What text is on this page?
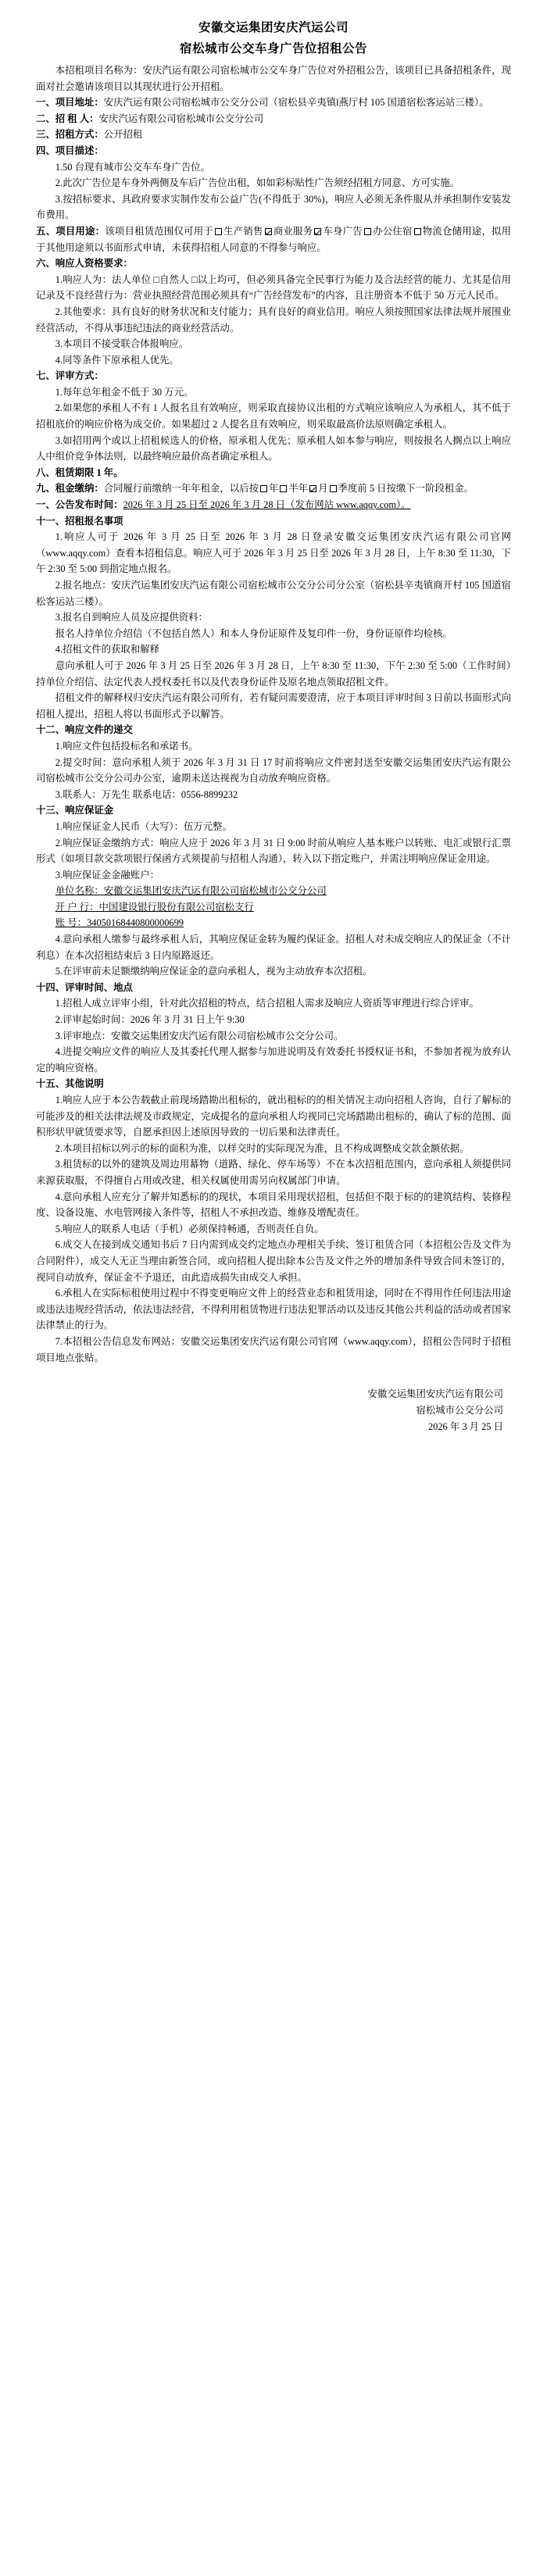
安徽交运集团安庆汽运公司
宿松城市公交车身广告位招租公告

本招租项目名称为：安庆汽运有限公司宿松城市公交车身广告位对外招租公告，该项目已具备招租条件，现面对社会邀请该项目以其现状进行公开招租。

一、项目地址：安庆汽运有限公司宿松城市公交分公司（宿松县辛夷镇l燕厅村 105 国道宿松客运站三楼）。

二、招 租 人：安庆汽运有限公司宿松城市公交分公司

三、招租方式：公开招租

四、项目描述：

1.50 台现有城市公交车车身广告位。

2.此次广告位是车身外两侧及车后广告位出租，如如彩标贴性广告须经招租方同意、方可实施。

3.按招标要求、具政府要求实制作发布公益广告(不得低于 30%)，响应人必须无条件服从并承担制作安装发布费用。

五、项目用途：该项目租赁范围仅可用于 生产销售 商业服务 车身广告 办公住宿 物流仓储用途，拟用于其他用途须以书面形式申请，未获得招租人同意的不得参与响应。

六、响应人资格要求：

1.响应人为：法人单位 □自然人 □以上均可，但必须具备完全民事行为能力及合法经营的能力、尤其是信用记录及不良经营行为：营业执照经营范围必须具有“广告经营发布”的内容，且注册资本不低于 50 万元人民币。

2.其他要求：具有良好的财务状况和支付能力；具有良好的商业信用。响应人须按照国家法律法规并展围业经营活动，不得从事违纪违法的商业经营活动。

3.本项目不接受联合体报响应。

4.同等条件下原承租人优先。

七、评审方式：

1.每年总年租金不低于 30 万元。

2.如果您的承租人不有 1 人报名且有效响应，则采取直接协议出租的方式响应该响应人为承租人，其不低于招租底价的响应价格为成交价。如果超过 2 人提名且有效响应，则采取最高价法原则确定承租人。

3.如招用两个或以上招租候选人的价格，原承租人优先；原承租人如本参与响应，则按报名人搁点以上响应人中组价竞争体法则，以最终响应最价高者确定承租人。

八、租赁期限 1 年。

九、租金缴纳：合同履行前缴纳一年年租金，以后按 年 半年 月 季度前 5 日按缴下一阶段租金。

一、公告发布时间：2026 年 3 月 25 日至 2026 年 3 月 28 日（发布网站 www.aqqy.com）。

十一、招租报名事项

1.响应人可于 2026 年 3 月 25 日至 2026 年 3 月 28 日登录安徽交运集团安庆汽运有限公司官网（www.aqqy.com）查看本招租信息。响应人可于 2026 年 3 月 25 日至 2026 年 3 月 28 日，上午 8:30 至 11:30，下午 2:30 至 5:00 到指定地点报名。

2.报名地点：安庆汽运集团安庆汽运有限公司宿松城市公交分公司分公室（宿松县辛夷镇商开村 105 国道宿松客运站三楼）。

3.报名自到响应人员及应提供资料：

报名人持单位介绍信（不包括自然人）和本人身份证原件及复印件一份，身份证原件均检核。

4.招租文件的获取和解释

意向承租人可于 2026 年 3 月 25 日至 2026 年 3 月 28 日，上午 8:30 至 11:30，下午 2:30 至 5:00（工作时间）持单位介绍信、法定代表人授权委托书以及代表身份证件及原名地点领取招租文件。

招租文件的解释权归安庆汽运有限公司所有，若有疑问需要澄清，应于本项目评审时间 3 日前以书面形式向招租人提出，招租人将以书面形式予以解答。

十二、响应文件的递交

1.响应文件包括投标名和承诺书。

2.提交时间：意向承租人须于 2026 年 3 月 31 日 17 时前将响应文件密封送至安徽交运集团安庆汽运有限公司宿松城市公交分公司办公室，逾期未送达视视为自动放弃响应资格。

3.联系人：万先生 联系电话：0556-8899232

十三、响应保证金

1.响应保证金人民币（大写）：伍万元整。

2.响应保证金缴纳方式：响应人应于 2026 年 3 月 31 日 9:00 时前从响应人基本账户以转账、电汇或银行汇票形式（如项目款交款项银行保函方式须提前与招租人沟通），转入以下指定账户，并需注明响应保证金用途。

3.响应保证金金融账户：

单位名称：安徽交运集团安庆汽运有限公司宿松城市公交分公司

开 户 行：中国建设银行股份有限公司宿松支行

账 号：34050168440800000699

4.意向承租人缴参与最终承租人后，其响应保证金转为履约保证金。招租人对未成交响应人的保证金（不计利息）在本次招租结束后 3 日内原路返还。

5.在评审前未足额缴纳响应保证金的意向承租人，视为主动放弃本次招租。

十四、评审时间、地点

1.招租人成立评审小组，针对此次招租的特点，结合招租人需求及响应人资质等审理进行综合评审。

2.评审起始时间：2026 年 3 月 31 日上午 9:30

3.评审地点：安徽交运集团安庆汽运有限公司宿松城市公交分公司。

4.进提交响应文件的响应人及其委托代理人据参与加进说明及有效委托书授权证书和，不参加者视为放弃认定的响应资格。

十五、其他说明

1.响应人应于本公告载截止前现场踏勘出租标的，就出租标的的相关情况主动向招租人咨询，自行了解标的可能涉及的相关法律法规及市政规定，完成提名的意向承租人均视同已完场踏勘出租标的，确认了标的范围、面积形状甲就赁要求等，自愿承担因上述原因导致的一切后果和法律责任。

2.本项目招标以列示的标的面积为准，以样交时的实际现况为准，且不构成调整成交款金额依据。

3.租赁标的以外的建筑及周边用幕物（道路、绿化、停车场等）不在本次招租范围内，意向承租人须提供同来源获取服，不得擅自占用或改建，相关权属使用需另向权属部门申请。

4.意向承租人应充分了解并知悉标的的现状，本项目采用现状招租，包括但不限于标的的建筑结构、装修程度、设备设施、水电管网接入条件等，招租人不承担改造、维修及增配责任。

5.响应人的联系人电话（手机）必须保持畅通，否则责任自负。

6.成交人在接到成交通知书后 7 日内需到成交约定地点办理相关手续、签订租赁合同（本招租公告及文件为合同附件），成交人无正当理由新签合同，或向招租人提出除本公告及文件之外的增加条件导致合同未签订的，视同自动放弃，保证金不予退还，由此造成损失由成交人承担。

6.承租人在实际标租使用过程中不得变更响应文件上的经营业态和租赁用途，同时在不得用作任何违法用途或违法违规经营活动，依法违法经营，不得利用租赁物进行违法犯罪活动以及违反其他公共利益的活动或者国家法律禁止的行为。

7.本招租公告信息发布网站：安徽交运集团安庆汽运有限公司官网（www.aqqy.com），招租公告同时于招租项目地点张贴。

安徽交运集团安庆汽运有限公司
宿松城市公交分公司
2026 年 3 月 25 日
